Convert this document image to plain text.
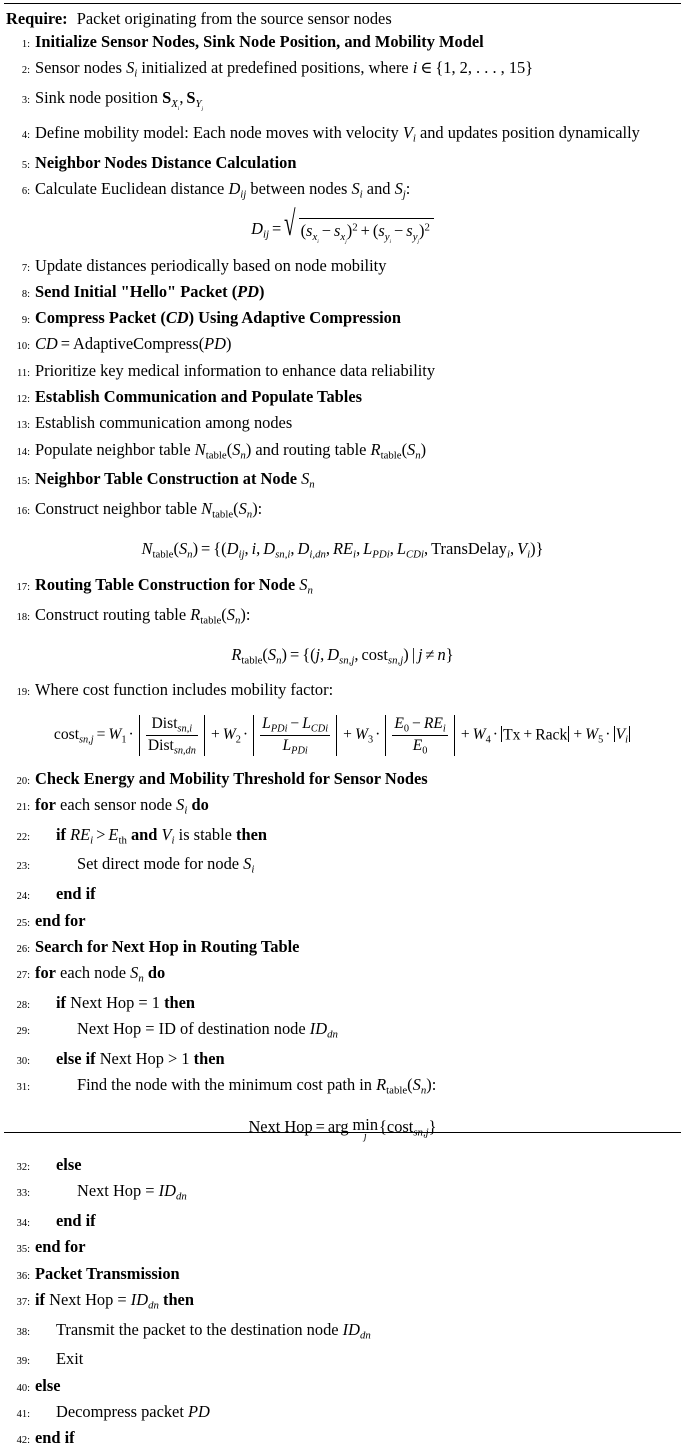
Require: Packet originating from the source sensor nodes
1 : Initialize Sensor Nodes, Sink Node Position, and Mobility Model
2 : Sensor nodes $S_i$ initialized at predefined positions, where i ∈ {1, 2, . . . , 15}
3 : Sink node position $S_{X_i}$, $S_{Y_j}$
4 : Define mobility model: Each node moves with velocity $V_i$ and updates position dynamically
5 : Neighbor Nodes Distance Calculation
6 : Calculate Euclidean distance $D_{ij}$ between nodes $S_i$ and $S_j$:
$D_{ij}$ = √ $(s_{x_i}- s_{x_j})^2 + (s_{y_i}- s_{y_j})^2$
7 : Update distances periodically based on node mobility
8 : Send Initial "Hello" Packet (PD)
9 : Compress Packet (CD) Using Adaptive Compression
10 : CD = AdaptiveCompress(PD)
11 : Prioritize key medical information to enhance data reliability
12 : Establish Communication and Populate Tables
13 : Establish communication among nodes
14 : Populate neighbor table $N_{table}(S_n)$ and routing table $R_{table}(S_n)$
15 : Neighbor Table Construction at Node $S_n$
16 : Construct neighbor table $N_{table}(S_n)$:
$N_{table}(S_n) = \{(D_{ij}$, i, $D_{sn,i}$, $D_{i,dn}$, $RE_i$, $L_{PDi}$, $L_{CDi}$, TransDelay$_i$, $V_i$)}
17 : Routing Table Construction for Node $S_n$
18 : Construct routing table $R_{table}(S_n)$:
$R_{table}(S_n) = \{(j$, $D_{sn,j}$, cost$_{sn,j}$) | j ≠ n}
19 : Where cost function includes mobility factor:
$\cos t_{sn,j} = W_1 \cdot \frac{Dist_{sn,i}}{Dist_{sn,dn}} + W_2 \cdot \frac{L_{PDi} - L_{CDi}}{L_{PDi}} + W_3 \cdot \frac{E_0 - RE_i}{E_0} + W_4 \cdot Tx$ + Rack + $W_5 \cdot V_i$
20 : Check Energy and Mobility Threshold for Sensor Nodes
21 : for each sensor node $S_i$ do
22 :	if $RE_i > E_{th}$ and $V_i$ is stable then
23 :	Set direct mode for node $S_i$
24 :	end if
25 : end for
26 : Search for Next Hop in Routing Table
27 : for each node $S_n$ do
28 :	if Next Hop = 1 then
29 :	Next Hop = ID of destination node $ID_{dn}$
30 :	else if Next Hop > 1 then
31 :	Find the node with the minimum cost path in $R_{table}(S_n)$:
Next Hop = arg min
j
{cost$_{sn,j}$}
32 :	else
33 :	Next Hop = $ID_{dn}$
34 :	end if
35 : end for
36 : Packet Transmission
37 : if Next Hop = $ID_{dn}$ then
38 :	Transmit the packet to the destination node $ID_{dn}$
39 :	Exit
40 : else
41 :	Decompress packet PD
42 : end if
